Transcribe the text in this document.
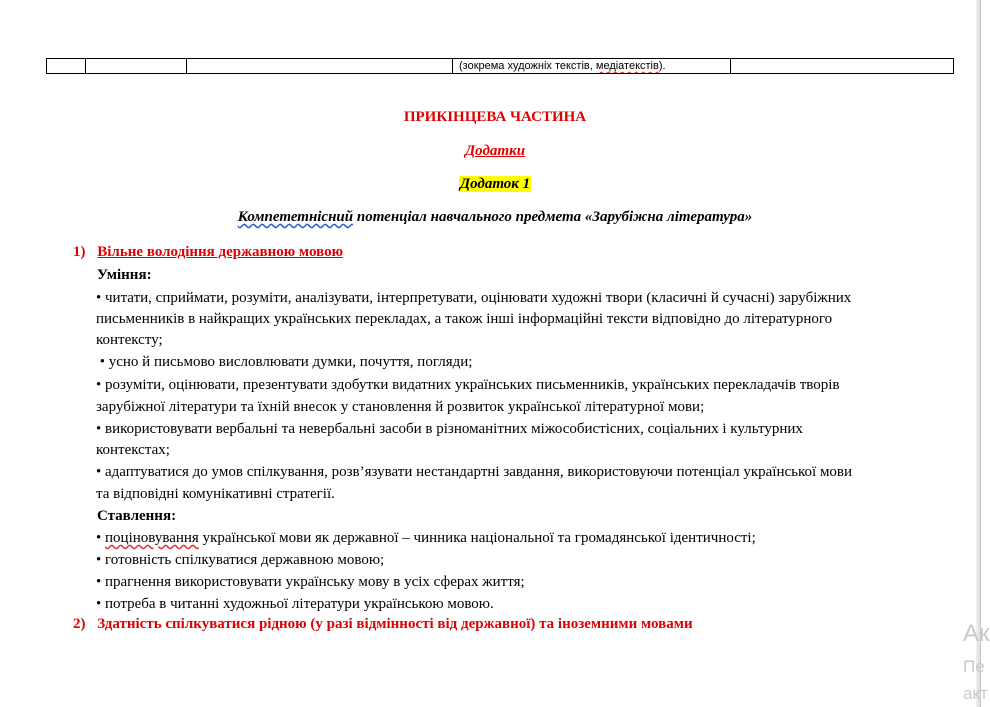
			(зокрема художніх текстів, медіатекстів).	
ПРИКІНЦЕВА ЧАСТИНА
Додатки
Додаток 1
Компететнісний потенціал навчального предмета «Зарубіжна література»
1) Вільне володіння державною мовою
Уміння:
• читати, сприймати, розуміти, аналізувати, інтерпретувати, оцінювати художні твори (класичні й сучасні) зарубіжних
письменників в найкращих українських перекладах, а також інші інформаційні тексти відповідно до літературного
контексту;
• усно й письмово висловлювати думки, почуття, погляди;
• розуміти, оцінювати, презентувати здобутки видатних українських письменників, українських перекладачів творів
зарубіжної літератури та їхній внесок у становлення й розвиток української літературної мови;
• використовувати вербальні та невербальні засоби в різноманітних міжособистісних, соціальних і культурних
контекстах;
• адаптуватися до умов спілкування, розв’язувати нестандартні завдання, використовуючи потенціал української мови
та відповідні комунікативні стратегії.
Ставлення:
• поціновування української мови як державної – чинника національної та громадянської ідентичності;
• готовність спілкуватися державною мовою;
• прагнення використовувати українську мову в усіх сферах життя;
• потреба в читанні художньої літератури українською мовою.
2) Здатність спілкуватися рідною (у разі відмінності від державної) та іноземними мовами	Ак
Пе
акт
